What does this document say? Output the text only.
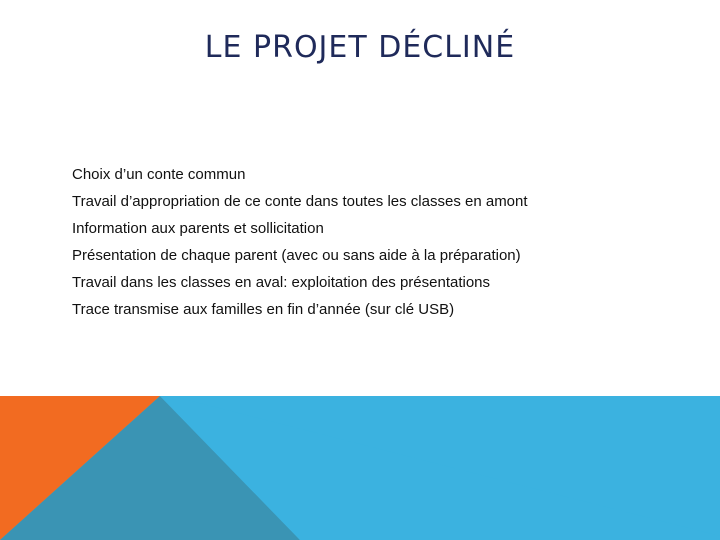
LE PROJET DÉCLINÉ
Choix d’un conte commun
Travail d’appropriation de ce conte dans toutes les classes en amont
Information aux parents et sollicitation
Présentation de chaque parent (avec ou sans aide à la préparation)
Travail dans les classes en aval: exploitation des présentations
Trace transmise aux familles en fin d’année (sur clé USB)
